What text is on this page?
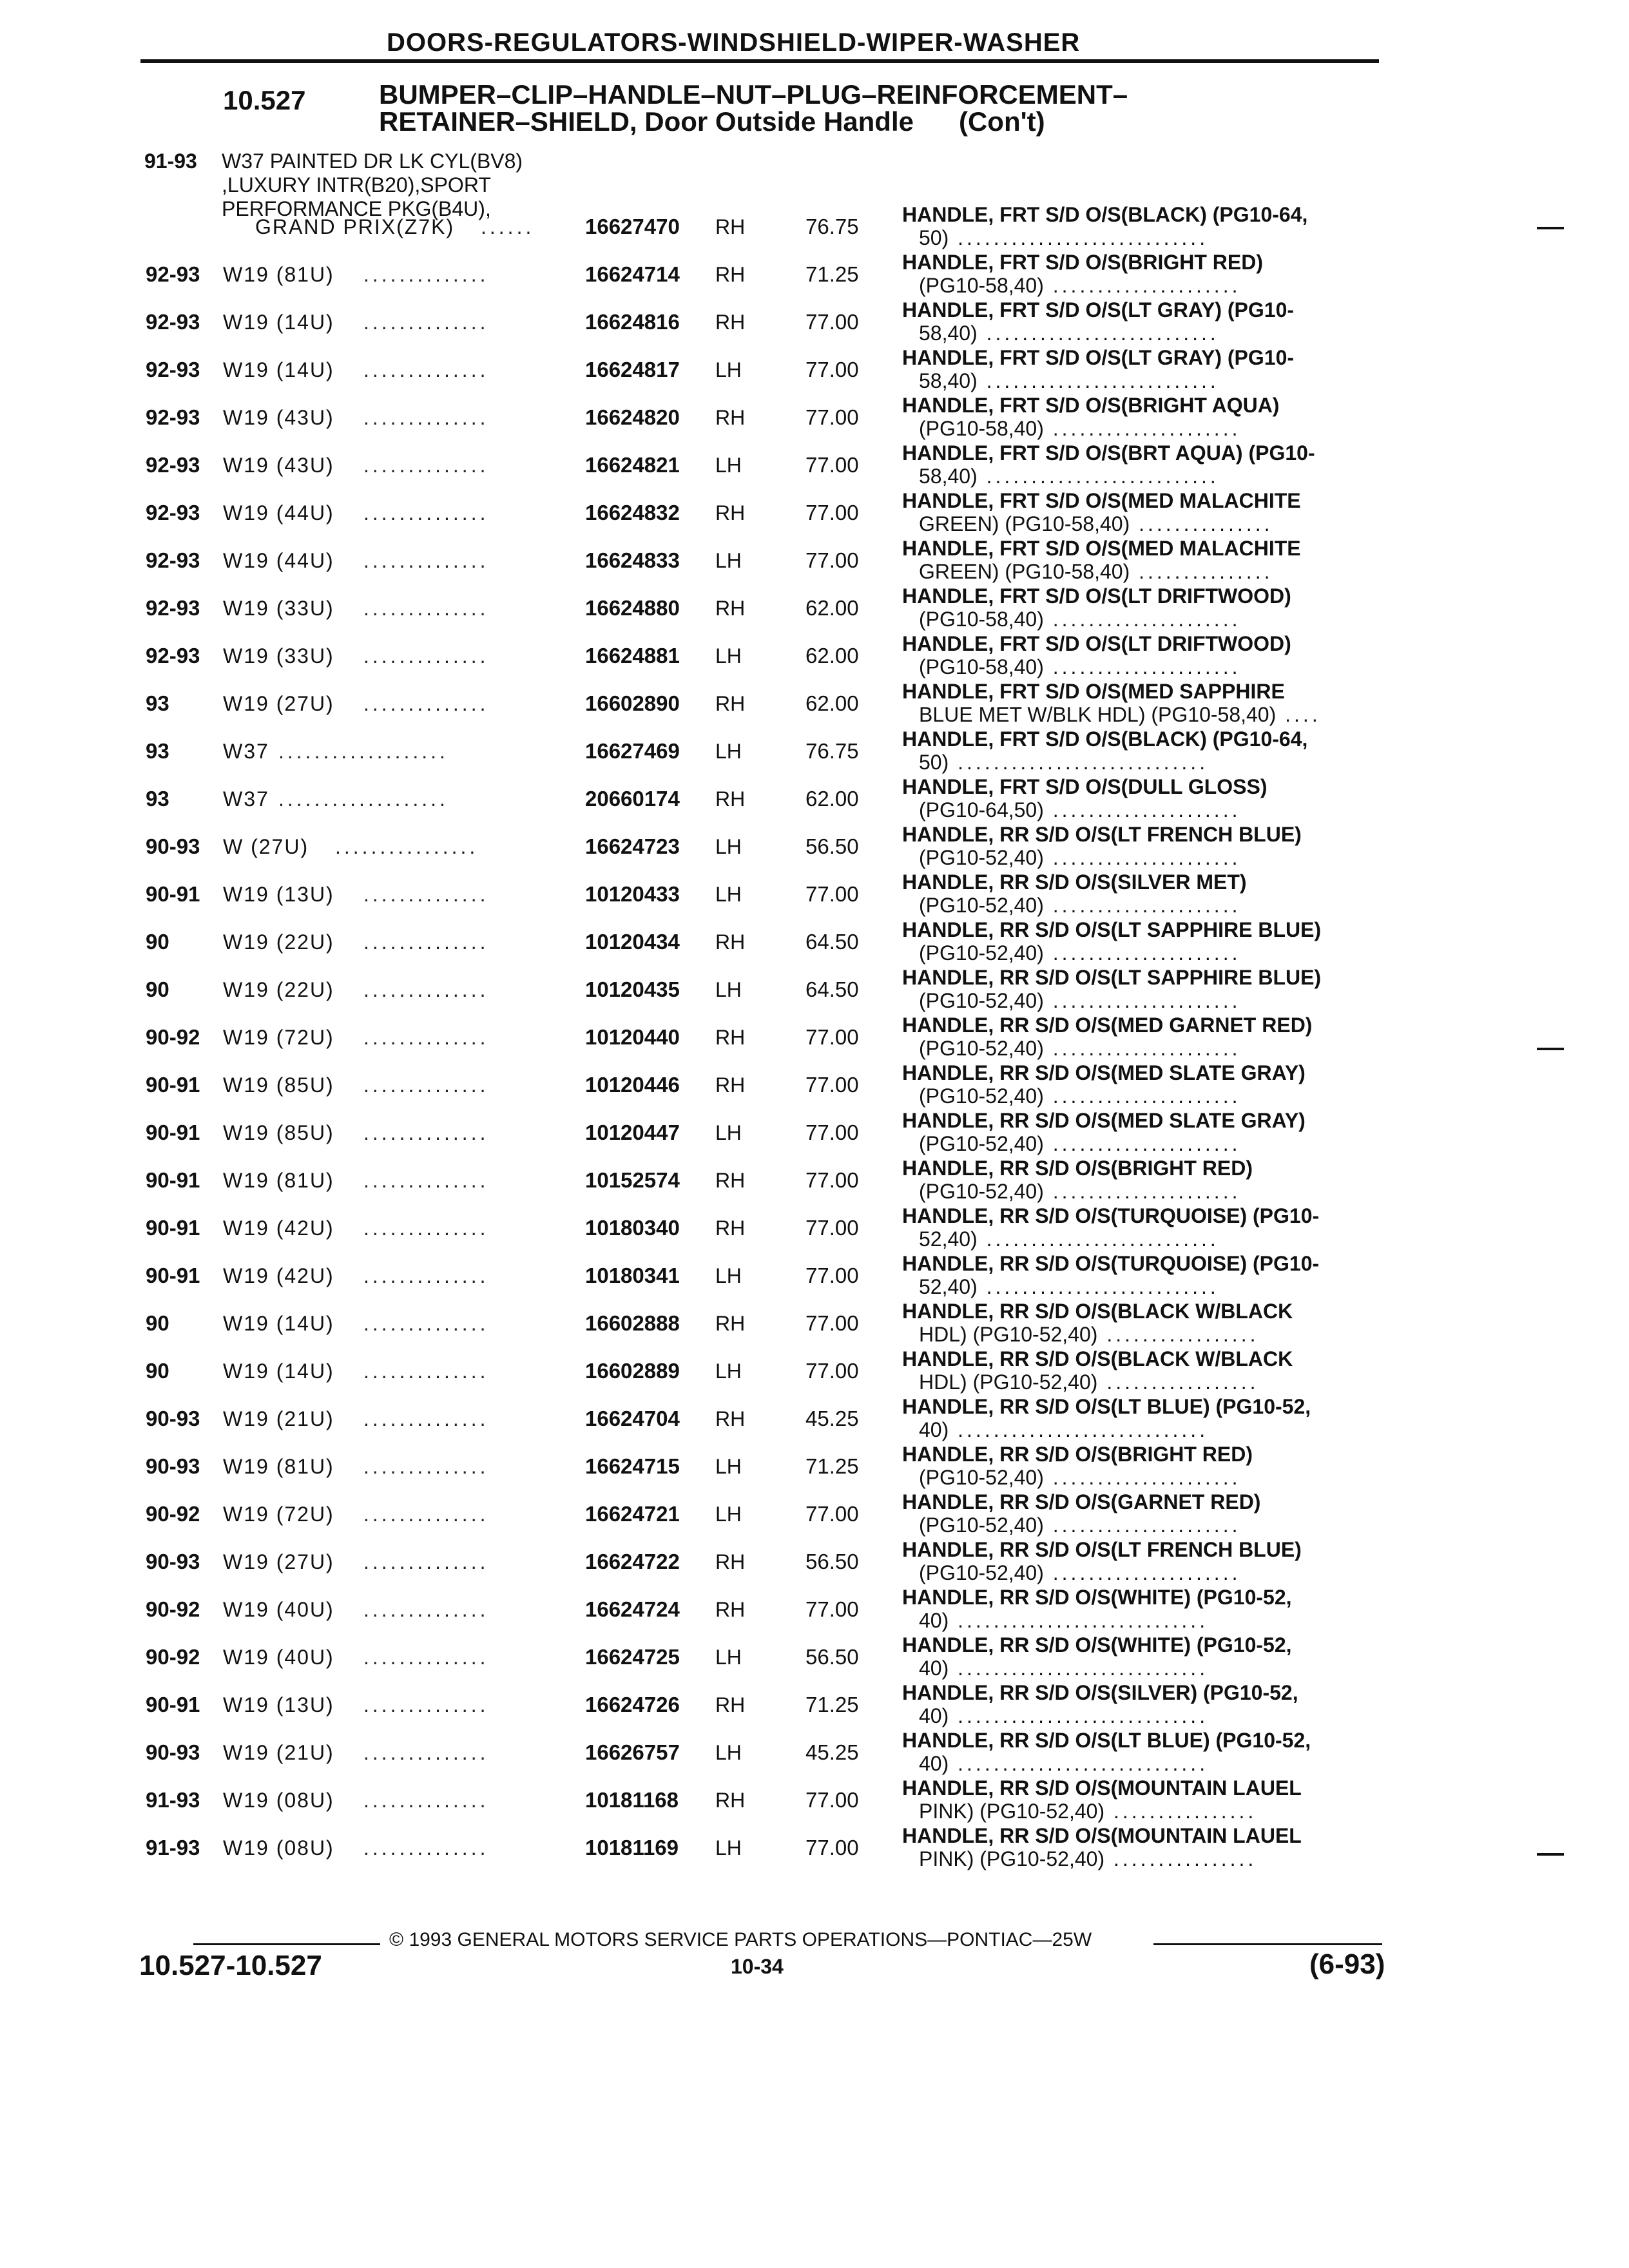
DOORS-REGULATORS-WINDSHIELD-WIPER-WASHER
10.527	BUMPER–CLIP–HANDLE–NUT–PLUG–REINFORCEMENT–
RETAINER–SHIELD, Door Outside Handle (Con't)
91-93 W37 PAINTED DR LK CYL(BV8)
,LUXURY INTR(B20),SPORT
PERFORMANCE PKG(B4U),
GRAND PRIX(Z7K) ...... 16627470 RH	76.75 HANDLE, FRT S/D O/S(BLACK) (PG10-64,
50) ............................
92-93 W19 (81U) ..............	16624714 RH	71.25 HANDLE, FRT S/D O/S(BRIGHT RED)
(PG10-58,40) .....................
92-93 W19 (14U) ..............	16624816 RH	77.00 HANDLE, FRT S/D O/S(LT GRAY) (PG10-
58,40) ..........................
92-93 W19 (14U) ..............	16624817 LH	77.00 HANDLE, FRT S/D O/S(LT GRAY) (PG10-
58,40) ..........................
92-93 W19 (43U) ..............	16624820 RH	77.00 HANDLE, FRT S/D O/S(BRIGHT AQUA)
(PG10-58,40) .....................
92-93 W19 (43U) ..............	16624821 LH	77.00 HANDLE, FRT S/D O/S(BRT AQUA) (PG10-
58,40) ..........................
92-93 W19 (44U) ..............	16624832 RH	77.00 HANDLE, FRT S/D O/S(MED MALACHITE
GREEN) (PG10-58,40) ...............
92-93 W19 (44U) ..............	16624833 LH	77.00 HANDLE, FRT S/D O/S(MED MALACHITE
GREEN) (PG10-58,40) ...............
92-93 W19 (33U) ..............	16624880 RH	62.00 HANDLE, FRT S/D O/S(LT DRIFTWOOD)
(PG10-58,40) .....................
92-93 W19 (33U) ..............	16624881 LH	62.00 HANDLE, FRT S/D O/S(LT DRIFTWOOD)
(PG10-58,40) .....................
93	W19 (27U) ..............	16602890 RH	62.00 HANDLE, FRT S/D O/S(MED SAPPHIRE
BLUE MET W/BLK HDL) (PG10-58,40) ....
93	W37 ...................	16627469 LH	76.75 HANDLE, FRT S/D O/S(BLACK) (PG10-64,
50) ............................
93	W37 ...................	20660174 RH	62.00 HANDLE, FRT S/D O/S(DULL GLOSS)
(PG10-64,50) .....................
90-93 W (27U) ................	16624723 LH	56.50 HANDLE, RR S/D O/S(LT FRENCH BLUE)
(PG10-52,40) .....................
90-91 W19 (13U) ..............	10120433 LH	77.00 HANDLE, RR S/D O/S(SILVER MET)
(PG10-52,40) .....................
90	W19 (22U) ..............	10120434 RH	64.50 HANDLE, RR S/D O/S(LT SAPPHIRE BLUE)
(PG10-52,40) .....................
90	W19 (22U) ..............	10120435 LH	64.50 HANDLE, RR S/D O/S(LT SAPPHIRE BLUE)
(PG10-52,40) .....................
90-92 W19 (72U) ..............	10120440 RH	77.00 HANDLE, RR S/D O/S(MED GARNET RED)
(PG10-52,40) .....................
90-91 W19 (85U) ..............	10120446 RH	77.00 HANDLE, RR S/D O/S(MED SLATE GRAY)
(PG10-52,40) .....................
90-91 W19 (85U) ..............	10120447 LH	77.00 HANDLE, RR S/D O/S(MED SLATE GRAY)
(PG10-52,40) .....................
90-91 W19 (81U) ..............	10152574 RH	77.00 HANDLE, RR S/D O/S(BRIGHT RED)
(PG10-52,40) .....................
90-91 W19 (42U) ..............	10180340 RH	77.00 HANDLE, RR S/D O/S(TURQUOISE) (PG10-
52,40) ..........................
90-91 W19 (42U) ..............	10180341 LH	77.00 HANDLE, RR S/D O/S(TURQUOISE) (PG10-
52,40) ..........................
90	W19 (14U) ..............	16602888 RH	77.00 HANDLE, RR S/D O/S(BLACK W/BLACK
HDL) (PG10-52,40) .................
90	W19 (14U) ..............	16602889 LH	77.00 HANDLE, RR S/D O/S(BLACK W/BLACK
HDL) (PG10-52,40) .................
90-93 W19 (21U) ..............	16624704 RH	45.25 HANDLE, RR S/D O/S(LT BLUE) (PG10-52,
40) ............................
90-93 W19 (81U) ..............	16624715 LH	71.25 HANDLE, RR S/D O/S(BRIGHT RED)
(PG10-52,40) .....................
90-92 W19 (72U) ..............	16624721 LH	77.00 HANDLE, RR S/D O/S(GARNET RED)
(PG10-52,40) .....................
90-93 W19 (27U) ..............	16624722 RH	56.50 HANDLE, RR S/D O/S(LT FRENCH BLUE)
(PG10-52,40) .....................
90-92 W19 (40U) ..............	16624724 RH	77.00 HANDLE, RR S/D O/S(WHITE) (PG10-52,
40) ............................
90-92 W19 (40U) ..............	16624725 LH	56.50 HANDLE, RR S/D O/S(WHITE) (PG10-52,
40) ............................
90-91 W19 (13U) ..............	16624726 RH	71.25 HANDLE, RR S/D O/S(SILVER) (PG10-52,
40) ............................
90-93 W19 (21U) ..............	16626757 LH	45.25 HANDLE, RR S/D O/S(LT BLUE) (PG10-52,
40) ............................
91-93 W19 (08U) ..............	10181168 RH	77.00 HANDLE, RR S/D O/S(MOUNTAIN LAUEL
PINK) (PG10-52,40) ................
91-93 W19 (08U) ..............	10181169 LH	77.00 HANDLE, RR S/D O/S(MOUNTAIN LAUEL
PINK) (PG10-52,40) ................
© 1993 GENERAL MOTORS SERVICE PARTS OPERATIONS—PONTIAC—25W
10.527-10.527	10-34	(6-93)
